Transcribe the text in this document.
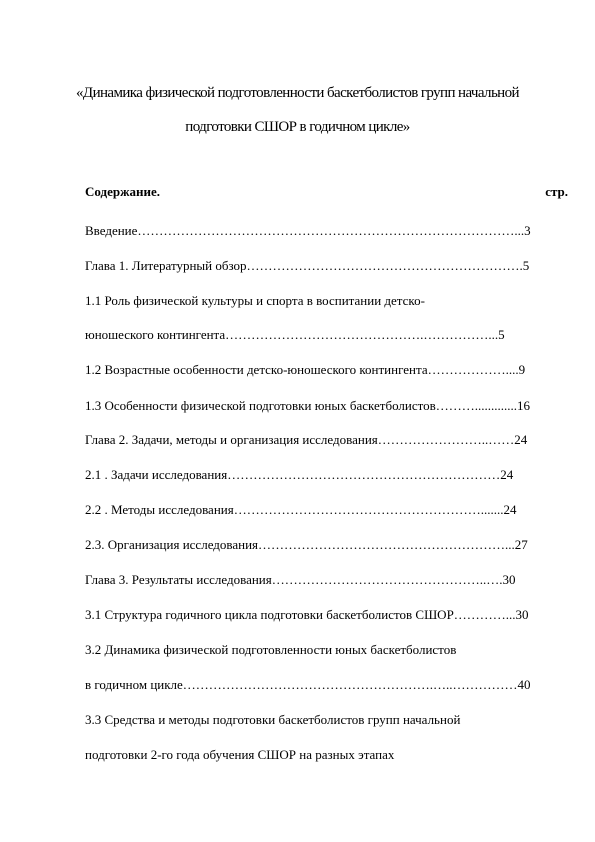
«Динамика физической подготовленности баскетболистов групп начальной
подготовки СШОР в годичном цикле»
Содержание.	стр.
Введение……………………………………………………………………………...3
Глава 1. Литературный обзор……………………………………………………….5
1.1 Роль физической культуры и спорта в воспитании детско-
юношеского контингента……………………………………….……………...5
1.2 Возрастные особенности детско-юношеского контингента………………....9
1.3 Особенности физической подготовки юных баскетболистов……….............16
Глава 2. Задачи, методы и организация исследования……………………..……24
2.1 . Задачи исследования………………………………………………………24
2.2 . Методы исследования………………………………………………….......24
2.3. Организация исследования…………………………………………………...27
Глава 3. Результаты исследования…………………………………………..….30
3.1 Структура годичного цикла подготовки баскетболистов СШОР…………...30
3.2 Динамика физической подготовленности юных баскетболистов
в годичном цикле………………………………………………….…..……………40
3.3 Средства и методы подготовки баскетболистов групп начальной
подготовки 2-го года обучения СШОР на разных этапах
